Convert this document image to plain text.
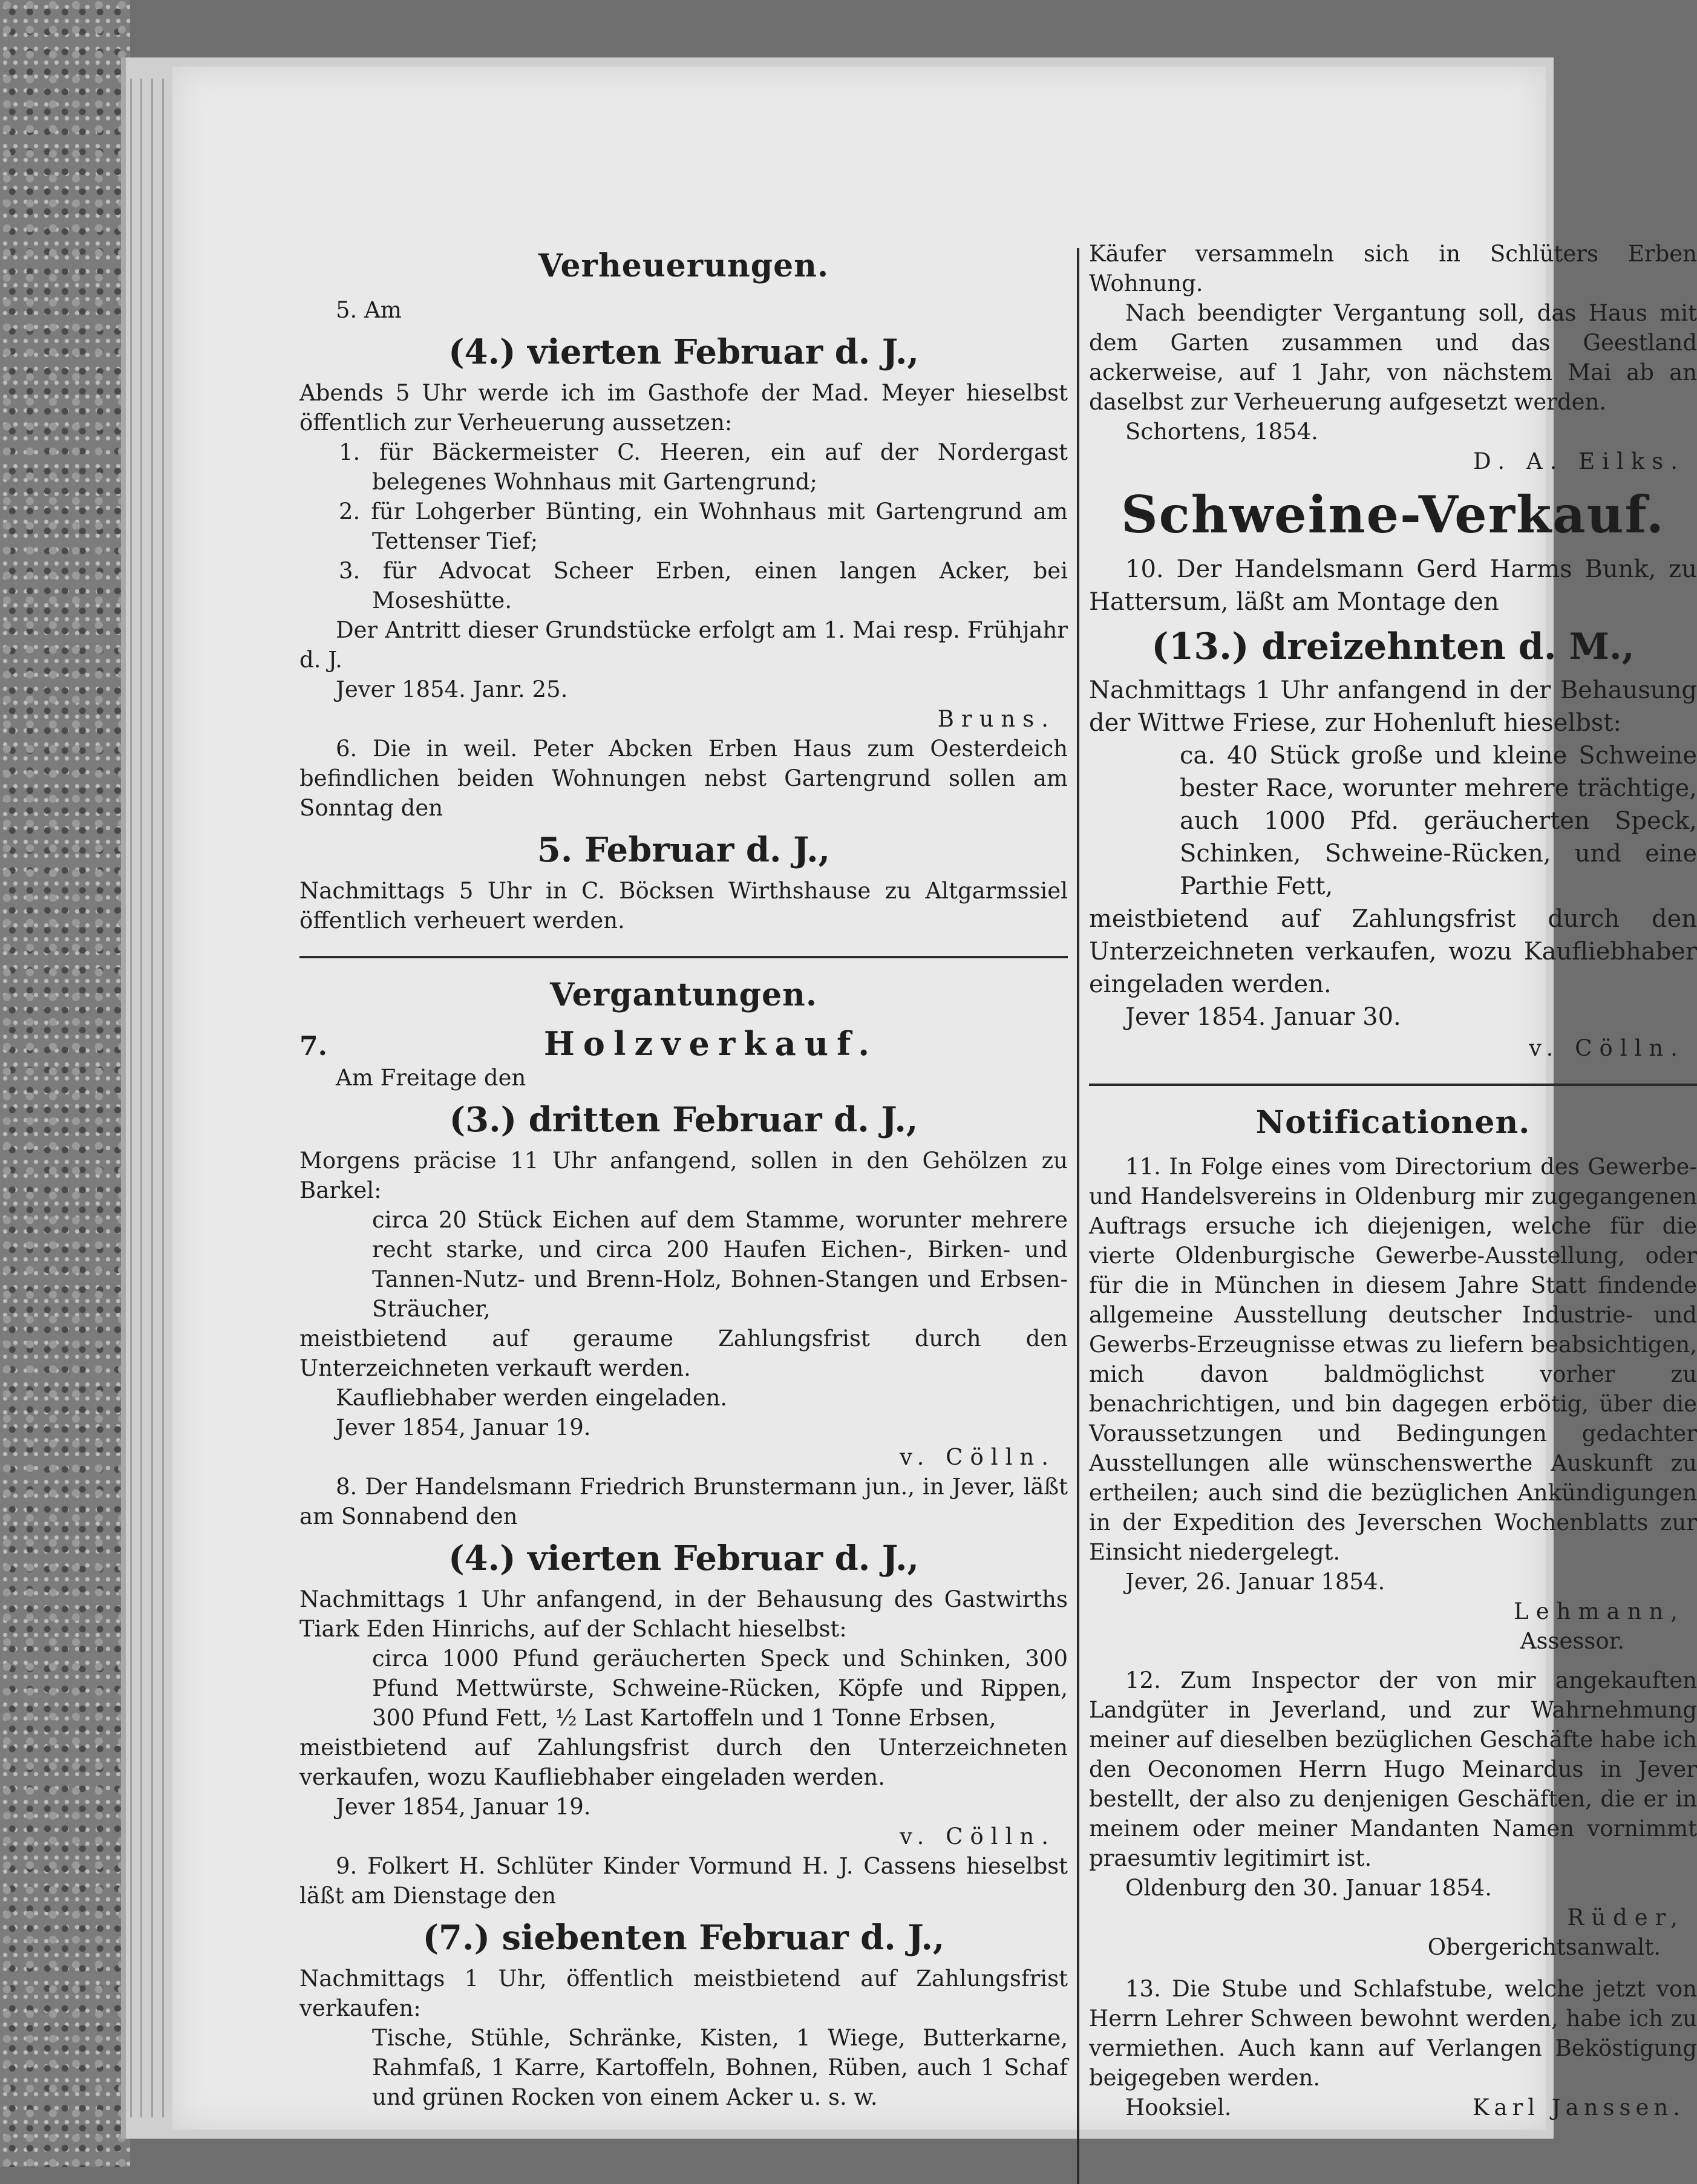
Verheuerungen.

5. Am

(4.) vierten Februar d. J.,

Abends 5 Uhr werde ich im Gasthofe der Mad. Meyer hieselbst öffentlich zur Verheuerung aussetzen:

1. für Bäckermeister C. Heeren, ein auf der Nordergast belegenes Wohnhaus mit Gartengrund;
2. für Lohgerber Bünting, ein Wohnhaus mit Gartengrund am Tettenser Tief;
3. für Advocat Scheer Erben, einen langen Acker, bei Moseshütte.

Der Antritt dieser Grundstücke erfolgt am 1. Mai resp. Frühjahr d. J.

Jever 1854. Janr. 25.

Bruns.

6. Die in weil. Peter Abcken Erben Haus zum Oesterdeich befindlichen beiden Wohnungen nebst Gartengrund sollen am Sonntag den

5. Februar d. J.,

Nachmittags 5 Uhr in C. Böcksen Wirthshause zu Altgarmssiel öffentlich verheuert werden.

Vergantungen.
7.	Holzverkauf.

Am Freitage den

(3.) dritten Februar d. J.,

Morgens präcise 11 Uhr anfangend, sollen in den Gehölzen zu Barkel:

circa 20 Stück Eichen auf dem Stamme, worunter mehrere recht starke, und circa 200 Haufen Eichen-, Birken- und Tannen-Nutz- und Brenn-Holz, Bohnen-Stangen und Erbsen-Sträucher,

meistbietend auf geraume Zahlungsfrist durch den Unterzeichneten verkauft werden.

Kaufliebhaber werden eingeladen.

Jever 1854, Januar 19.

v. Cölln.

8. Der Handelsmann Friedrich Brunstermann jun., in Jever, läßt am Sonnabend den

(4.) vierten Februar d. J.,

Nachmittags 1 Uhr anfangend, in der Behausung des Gastwirths Tiark Eden Hinrichs, auf der Schlacht hieselbst:

circa 1000 Pfund geräucherten Speck und Schinken, 300 Pfund Mettwürste, Schweine-Rücken, Köpfe und Rippen, 300 Pfund Fett, ½ Last Kartoffeln und 1 Tonne Erbsen,

meistbietend auf Zahlungsfrist durch den Unterzeichneten verkaufen, wozu Kaufliebhaber eingeladen werden.

Jever 1854, Januar 19.

v. Cölln.

9. Folkert H. Schlüter Kinder Vormund H. J. Cassens hieselbst läßt am Dienstage den

(7.) siebenten Februar d. J.,

Nachmittags 1 Uhr, öffentlich meistbietend auf Zahlungsfrist verkaufen:

Tische, Stühle, Schränke, Kisten, 1 Wiege, Butterkarne, Rahmfaß, 1 Karre, Kartoffeln, Bohnen, Rüben, auch 1 Schaf und grünen Rocken von einem Acker u. s. w.

Käufer versammeln sich in Schlüters Erben Wohnung.

Nach beendigter Vergantung soll, das Haus mit dem Garten zusammen und das Geestland ackerweise, auf 1 Jahr, von nächstem Mai ab an daselbst zur Verheuerung aufgesetzt werden.

Schortens, 1854.

D. A. Eilks.
Schweine-Verkauf.

10. Der Handelsmann Gerd Harms Bunk, zu Hattersum, läßt am Montage den

(13.) dreizehnten d. M.,

Nachmittags 1 Uhr anfangend in der Behausung der Wittwe Friese, zur Hohenluft hieselbst:

ca. 40 Stück große und kleine Schweine bester Race, worunter mehrere trächtige, auch 1000 Pfd. geräucherten Speck, Schinken, Schweine-Rücken, und eine Parthie Fett,

meistbietend auf Zahlungsfrist durch den Unterzeichneten verkaufen, wozu Kaufliebhaber eingeladen werden.

Jever 1854. Januar 30.

v. Cölln.
Notificationen.

11. In Folge eines vom Directorium des Gewerbe- und Handelsvereins in Oldenburg mir zugegangenen Auftrags ersuche ich diejenigen, welche für die vierte Oldenburgische Gewerbe-Ausstellung, oder für die in München in diesem Jahre Statt findende allgemeine Ausstellung deutscher Industrie- und Gewerbs-Erzeugnisse etwas zu liefern beabsichtigen, mich davon baldmöglichst vorher zu benachrichtigen, und bin dagegen erbötig, über die Voraussetzungen und Bedingungen gedachter Ausstellungen alle wünschenswerthe Auskunft zu ertheilen; auch sind die bezüglichen Ankündigungen in der Expedition des Jeverschen Wochenblatts zur Einsicht niedergelegt.

Jever, 26. Januar 1854.

Lehmann,
Assessor.

12. Zum Inspector der von mir angekauften Landgüter in Jeverland, und zur Wahrnehmung meiner auf dieselben bezüglichen Geschäfte habe ich den Oeconomen Herrn Hugo Meinardus in Jever bestellt, der also zu denjenigen Geschäften, die er in meinem oder meiner Mandanten Namen vornimmt praesumtiv legitimirt ist.

Oldenburg den 30. Januar 1854.

Rüder,
Obergerichtsanwalt.

13. Die Stube und Schlafstube, welche jetzt von Herrn Lehrer Schween bewohnt werden, habe ich zu vermiethen. Auch kann auf Verlangen Beköstigung beigegeben werden.

Hooksiel.	Karl Janssen.
